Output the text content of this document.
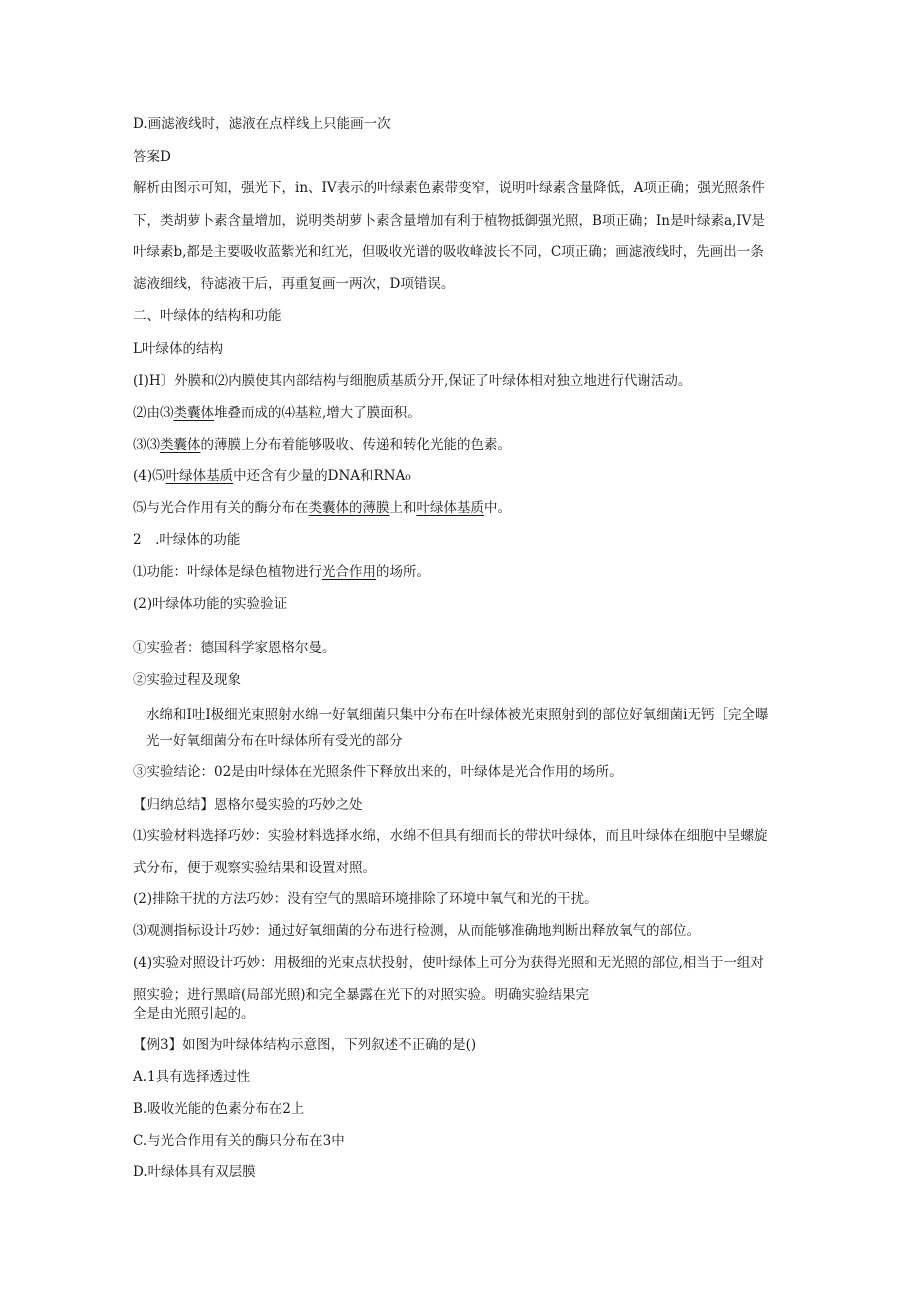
D.画滤液线时，滤液在点样线上只能画一次
答案D
解析由图示可知，强光下，in、IV表示的叶绿素色素带变窄，说明叶绿素含量降低，A项正确；强光照条件
下，类胡萝卜素含量增加，说明类胡萝卜素含量增加有利于植物抵御强光照，B项正确；In是叶绿素a,IV是
叶绿素b,都是主要吸收蓝紫光和红光，但吸收光谱的吸收峰波长不同，C项正确；画滤液线时，先画出一条
滤液细线，待滤液干后，再重复画一两次，D项错误。
二、叶绿体的结构和功能
L叶绿体的结构
(I)H〕外膜和⑵内膜使其内部结构与细胞质基质分开,保证了叶绿体相对独立地进行代谢活动。
⑵由⑶类囊体堆叠而成的⑷基粒,增大了膜面积。
⑶⑶类囊体的薄膜上分布着能够吸收、传递和转化光能的色素。
(4)⑸叶绿体基质中还含有少量的DNA和RNA₀
⑸与光合作用有关的酶分布在类囊体的薄膜上和叶绿体基质中。
2　.叶绿体的功能
⑴功能：叶绿体是绿色植物进行光合作用的场所。
(2)叶绿体功能的实验验证
①实验者：德国科学家恩格尔曼。
②实验过程及现象
水绵和I吐I极细光束照射水绵一好氧细菌只集中分布在叶绿体被光束照射到的部位好氧细菌i无钙［完全曝
光一好氧细菌分布在叶绿体所有受光的部分
③实验结论：02是由叶绿体在光照条件下释放出来的，叶绿体是光合作用的场所。
【归纳总结】恩格尔曼实验的巧妙之处
⑴实验材料选择巧妙：实验材料选择水绵，水绵不但具有细而长的带状叶绿体，而且叶绿体在细胞中呈螺旋
式分布，便于观察实验结果和设置对照。
(2)排除干扰的方法巧妙：没有空气的黑暗环境排除了环境中氧气和光的干扰。
⑶观测指标设计巧妙：通过好氧细菌的分布进行检测，从而能够准确地判断出释放氧气的部位。
(4)实验对照设计巧妙：用极细的光束点状投射，使叶绿体上可分为获得光照和无光照的部位,相当于一组对
照实验；进行黑暗(局部光照)和完全暴露在光下的对照实验。明确实验结果完
全是由光照引起的。
【例3】如图为叶绿体结构示意图，下列叙述不正确的是()
A.1具有选择透过性
B.吸收光能的色素分布在2上
C.与光合作用有关的酶只分布在3中
D.叶绿体具有双层膜
